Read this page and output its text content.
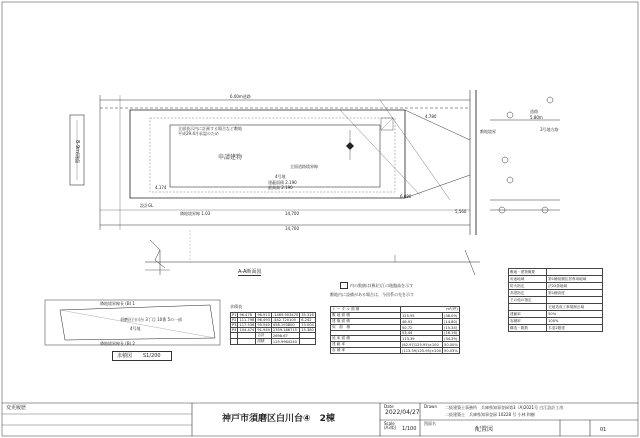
6.00m道路
申請建物
4号地
建蔽面積 2.190
最高高 2.190
全部表示内に計画する場合など敷地
平成29.4月承認のため
全面道路境界線
14,700
14,700
4,174
4,780
6,080
5,560
隣地境界線 1.03
道路
5.80m
3号地方路
敷地境界
設計GL
8-9m道路
A-A断面図
内の数値は(株)白江の地盤高を示す
敷地内に設備がある場合は、今回系の先を示す
隣地境界線長 (B) 1
須磨区白川台 3丁目 10番 5の一部
4号地
隣地境界線長 (B) 2
求積図 S1/200
求積表
P1	96.478	96.913	-1469.903470	35.316
P2	111.798	96.493	-442.720105	6.242
P3	117.538	95.540	458.193800	13.004
P4	104.474	91.949	1359.186715	15.380
		合計	2698.67	
		面積	125.9964240	
ト ー タ ル 面 積	m²(坪)	
敷 地 面 積	125.95	(38.09)
建 築 面 積	48.91	(14.80)
床　面　積	50.72	(15.34)
	53.44	(16.16)
延 床 面 積	113.39	(34.29)
建 蔽 率	(62.97/125.95)×100	50.00%
容 積 率	(113.39/125.95)×100	90.03%
敷地・建物概要	
用途地域	第1種低層住居専用地域
防火指定	法22条地域
高度指定	第1種高度
その他の指定	
	宅地造成工事規制区域
建蔽率	50%
容積率	100%
構造・階数	木造2階建
変更履歴
神戸市須磨区白川台④　2棟
Date
2022/04/27
Drawn 二級建築士事務所　兵庫県知事登録第3（A)2021号 白江設計工房
二級建築士　兵庫県知事登録 10228 号 小林 和樹
Scale
(A3版) 1/100
図面名
配置図	01
